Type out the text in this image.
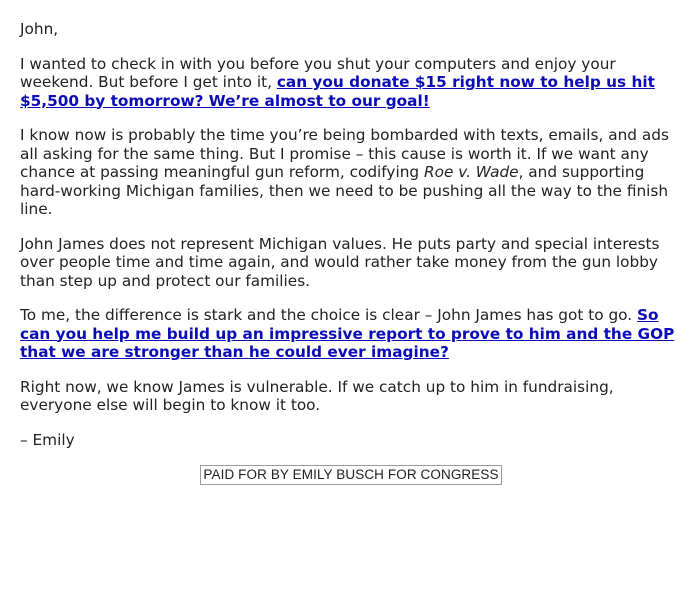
John,

I wanted to check in with you before you shut your computers and enjoy your weekend. But before I get into it, can you donate $15 right now to help us hit $5,500 by tomorrow? We’re almost to our goal!

I know now is probably the time you’re being bombarded with texts, emails, and ads all asking for the same thing. But I promise – this cause is worth it. If we want any chance at passing meaningful gun reform, codifying Roe v. Wade, and supporting hard-working Michigan families, then we need to be pushing all the way to the finish line.

John James does not represent Michigan values. He puts party and special interests over people time and time again, and would rather take money from the gun lobby than step up and protect our families.

To me, the difference is stark and the choice is clear – John James has got to go. So can you help me build up an impressive report to prove to him and the GOP that we are stronger than he could ever imagine?

Right now, we know James is vulnerable. If we catch up to him in fundraising, everyone else will begin to know it too.

– Emily

PAID FOR BY EMILY BUSCH FOR CONGRESS
